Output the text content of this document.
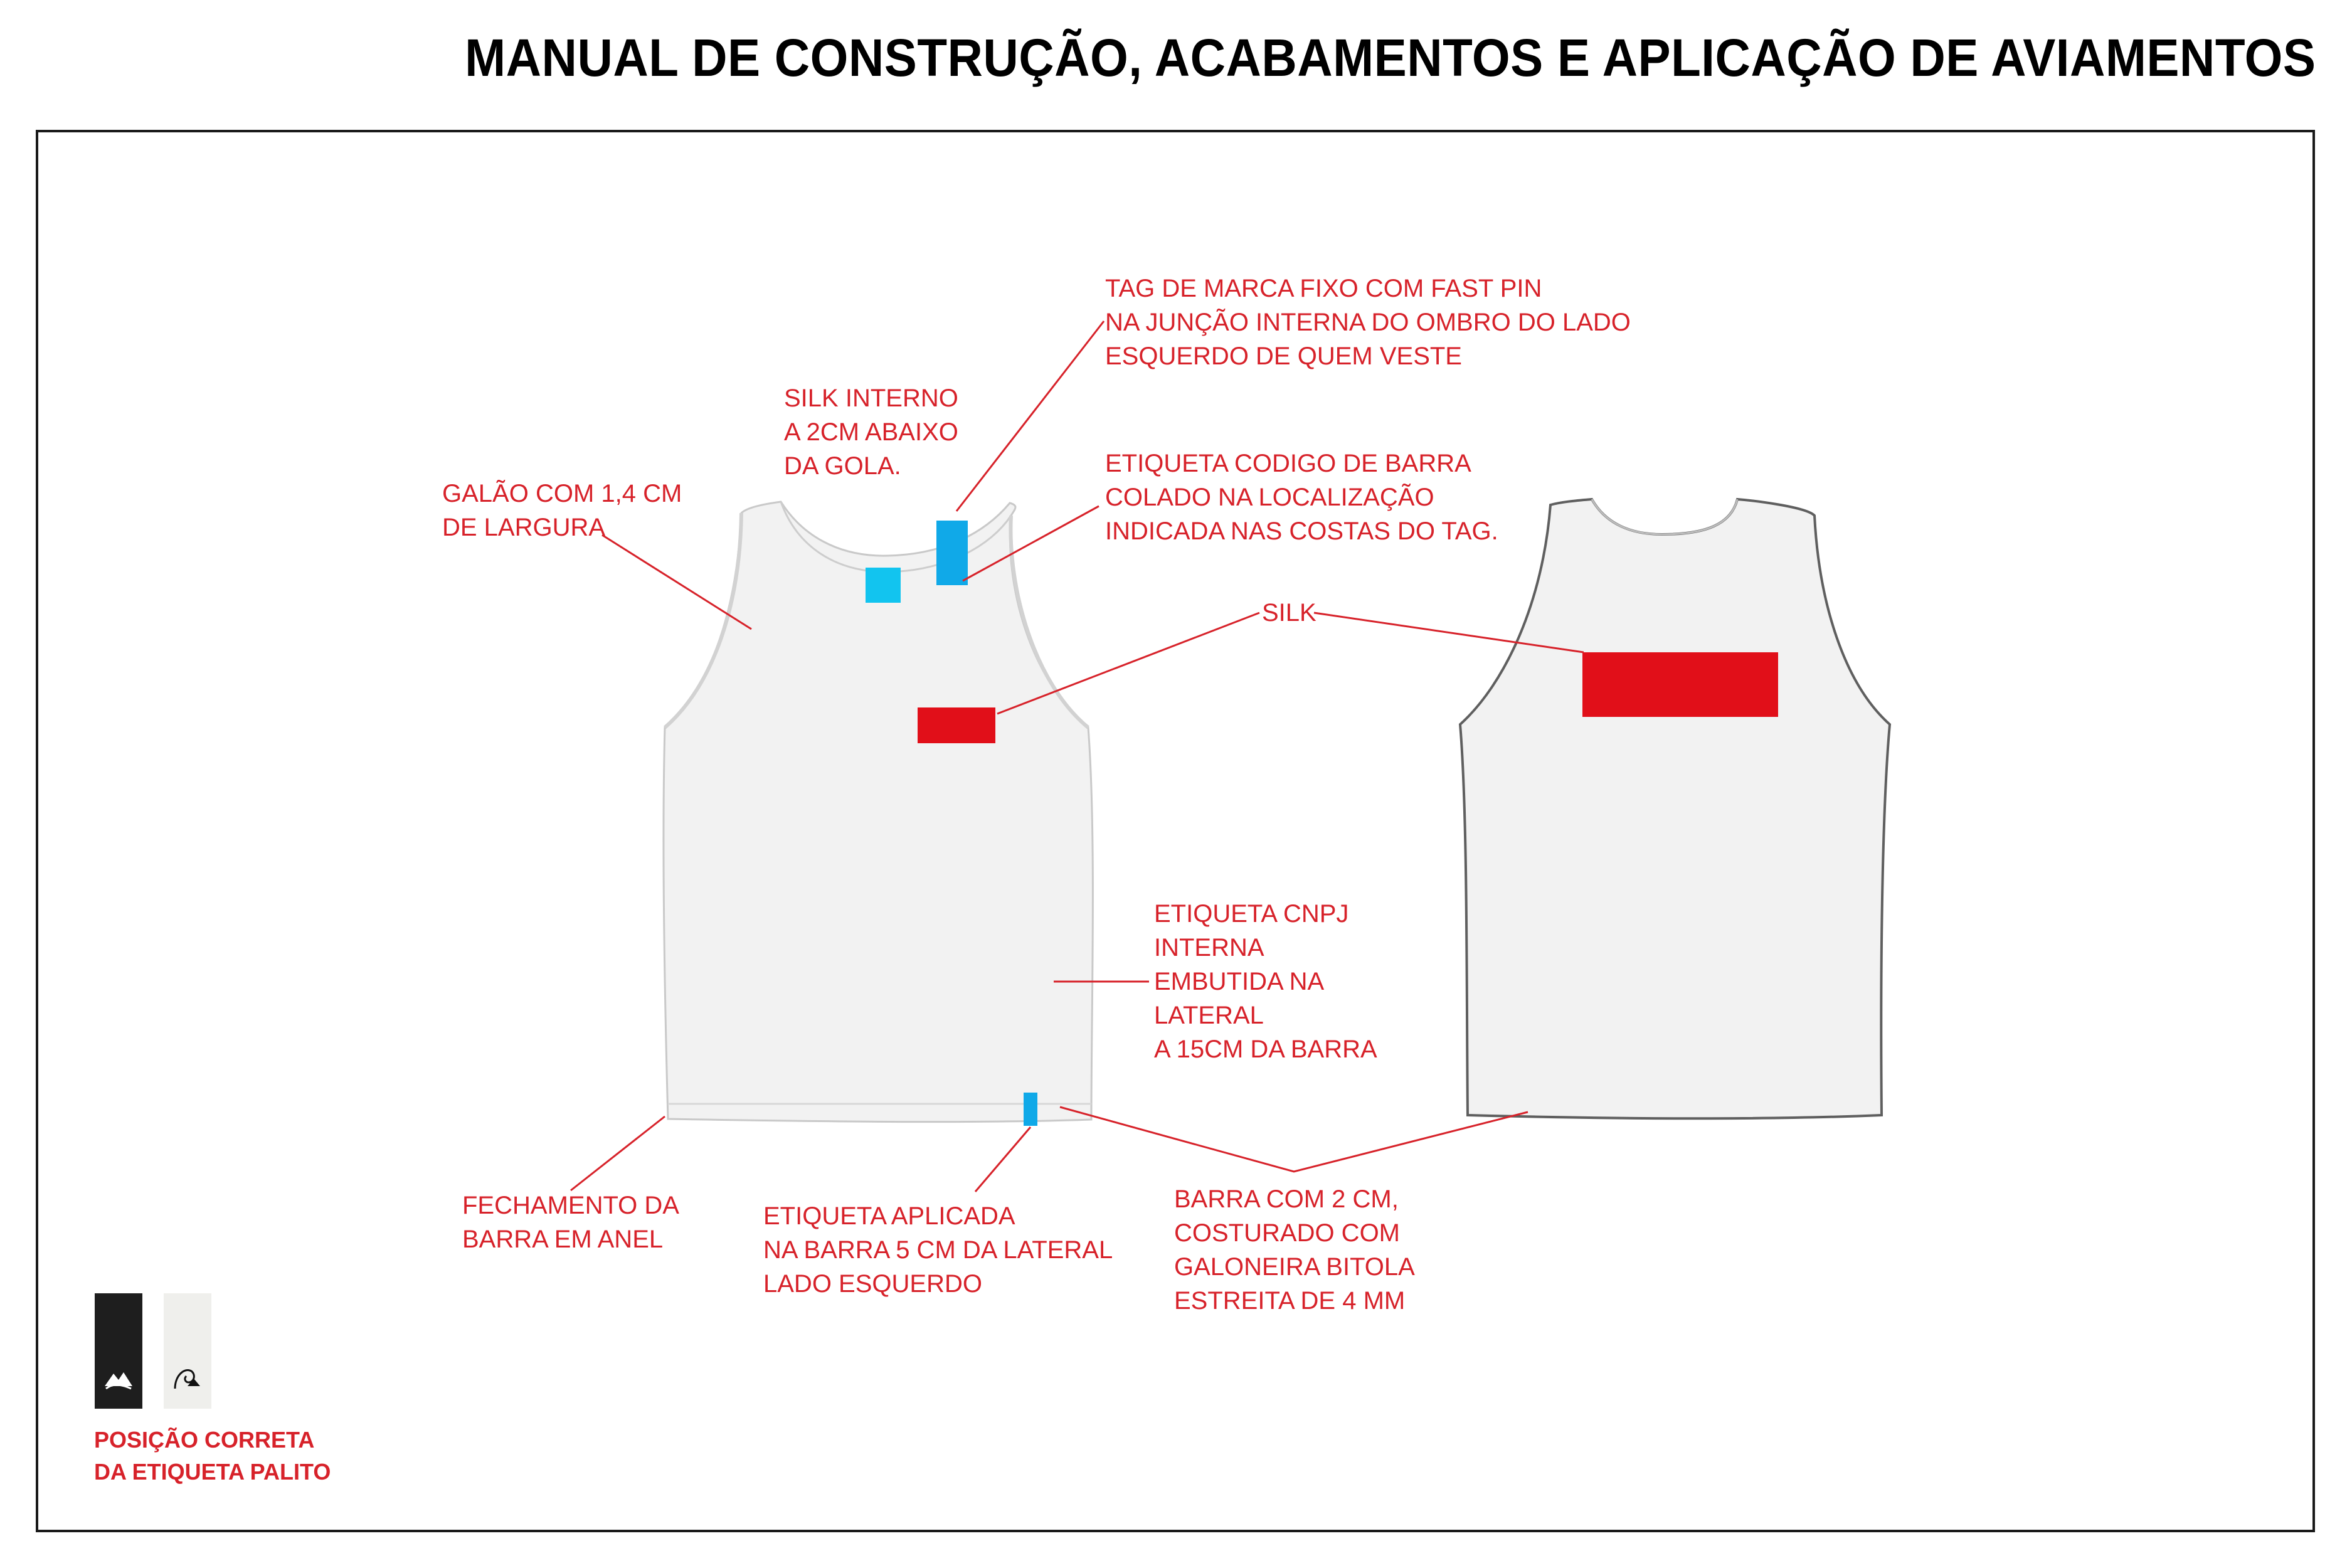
MANUAL DE CONSTRUÇÃO, ACABAMENTOS E APLICAÇÃO DE AVIAMENTOS
TAG DE MARCA FIXO COM FAST PIN
NA JUNÇÃO INTERNA DO OMBRO DO LADO
ESQUERDO DE QUEM VESTE
SILK INTERNO
A 2CM ABAIXO
DA GOLA.
GALÃO COM 1,4 CM
DE LARGURA
ETIQUETA CODIGO DE BARRA
COLADO NA LOCALIZAÇÃO
INDICADA NAS COSTAS DO TAG.
SILK
ETIQUETA CNPJ
INTERNA
EMBUTIDA NA
LATERAL
A 15CM DA BARRA
FECHAMENTO DA
BARRA EM ANEL
ETIQUETA APLICADA
NA BARRA 5 CM DA LATERAL
LADO ESQUERDO
BARRA COM 2 CM,
COSTURADO COM
GALONEIRA BITOLA
ESTREITA DE 4 MM
POSIÇÃO CORRETA
DA ETIQUETA PALITO
